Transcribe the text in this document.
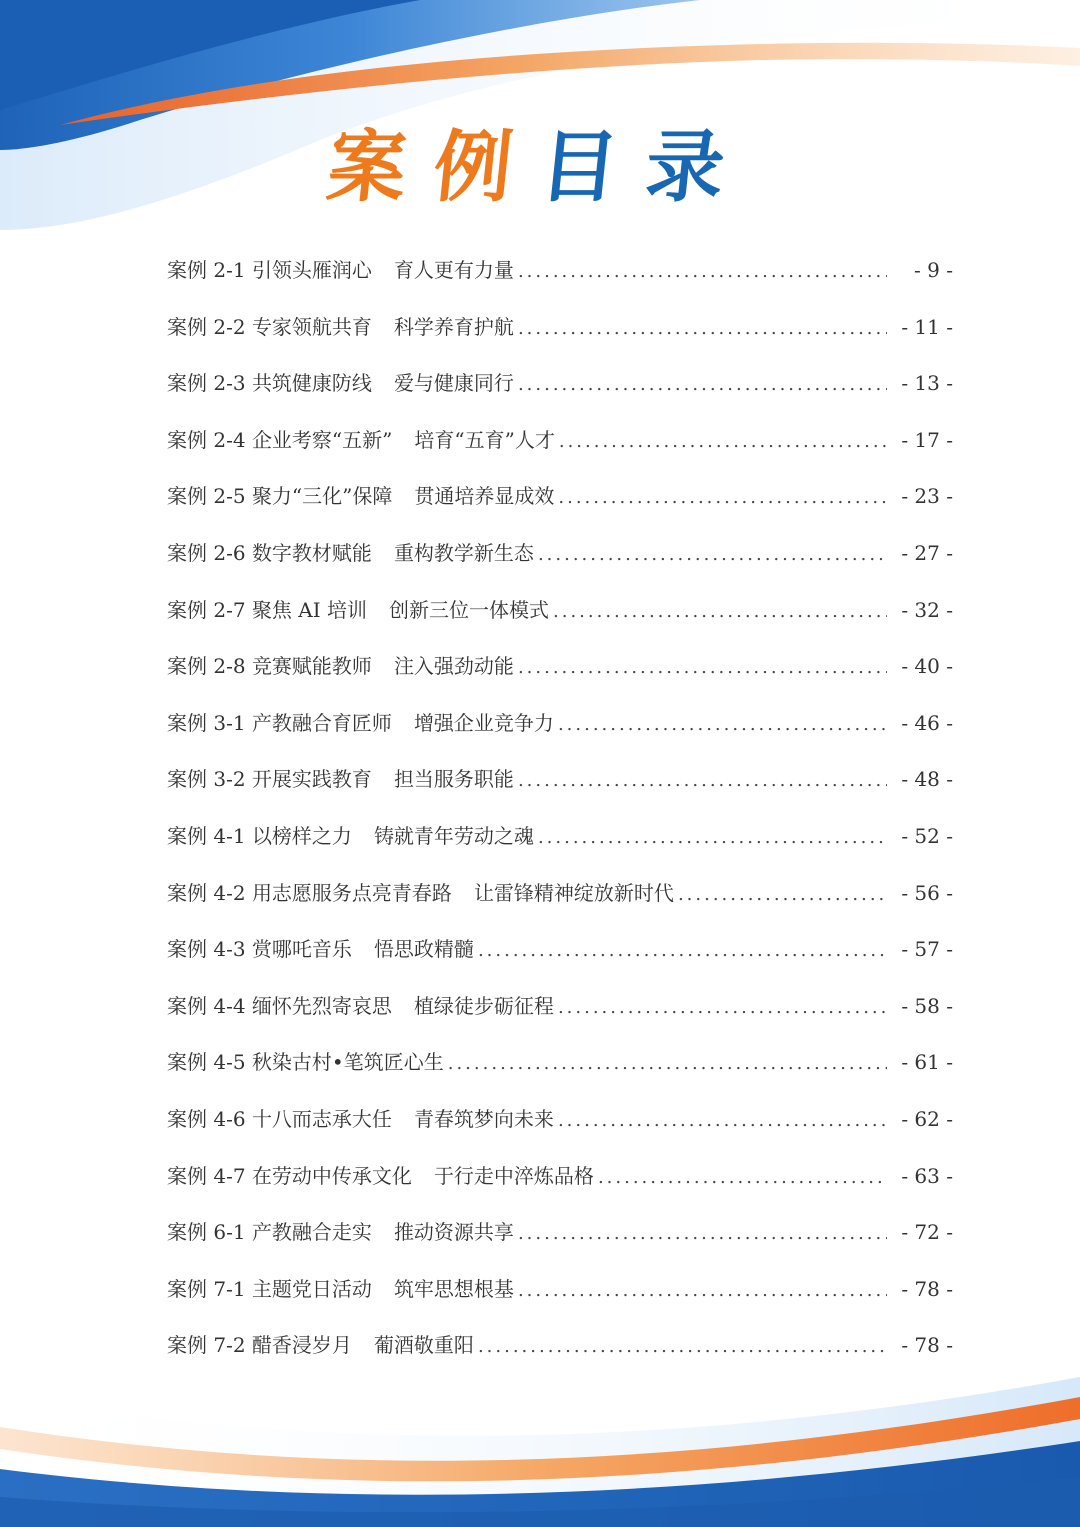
案例目录
案例 2-1 引领头雁润心 育人更有力量 .....	- 9 -
案例 2-2 专家领航共育 科学养育护航 .....	- 11 -
案例 2-3 共筑健康防线 爱与健康同行 .....	- 13 -
案例 2-4 企业考察“五新” 培育“五育”人才 .....	- 17 -
案例 2-5 聚力“三化”保障 贯通培养显成效 .....	- 23 -
案例 2-6 数字教材赋能 重构教学新生态 .....	- 27 -
案例 2-7 聚焦 AI 培训 创新三位一体模式 .....	- 32 -
案例 2-8 竞赛赋能教师 注入强劲动能 .....	- 40 -
案例 3-1 产教融合育匠师 增强企业竞争力 .....	- 46 -
案例 3-2 开展实践教育 担当服务职能 .....	- 48 -
案例 4-1 以榜样之力 铸就青年劳动之魂 .....	- 52 -
案例 4-2 用志愿服务点亮青春路 让雷锋精神绽放新时代 .....	- 56 -
案例 4-3 赏哪吒音乐 悟思政精髓 .....	- 57 -
案例 4-4 缅怀先烈寄哀思 植绿徒步砺征程 .....	- 58 -
案例 4-5 秋染古村•笔筑匠心生 .....	- 61 -
案例 4-6 十八而志承大任 青春筑梦向未来 .....	- 62 -
案例 4-7 在劳动中传承文化 于行走中淬炼品格 .....	- 63 -
案例 6-1 产教融合走实 推动资源共享 .....	- 72 -
案例 7-1 主题党日活动 筑牢思想根基 .....	- 78 -
案例 7-2 醋香浸岁月 葡酒敬重阳 .....	- 78 -
